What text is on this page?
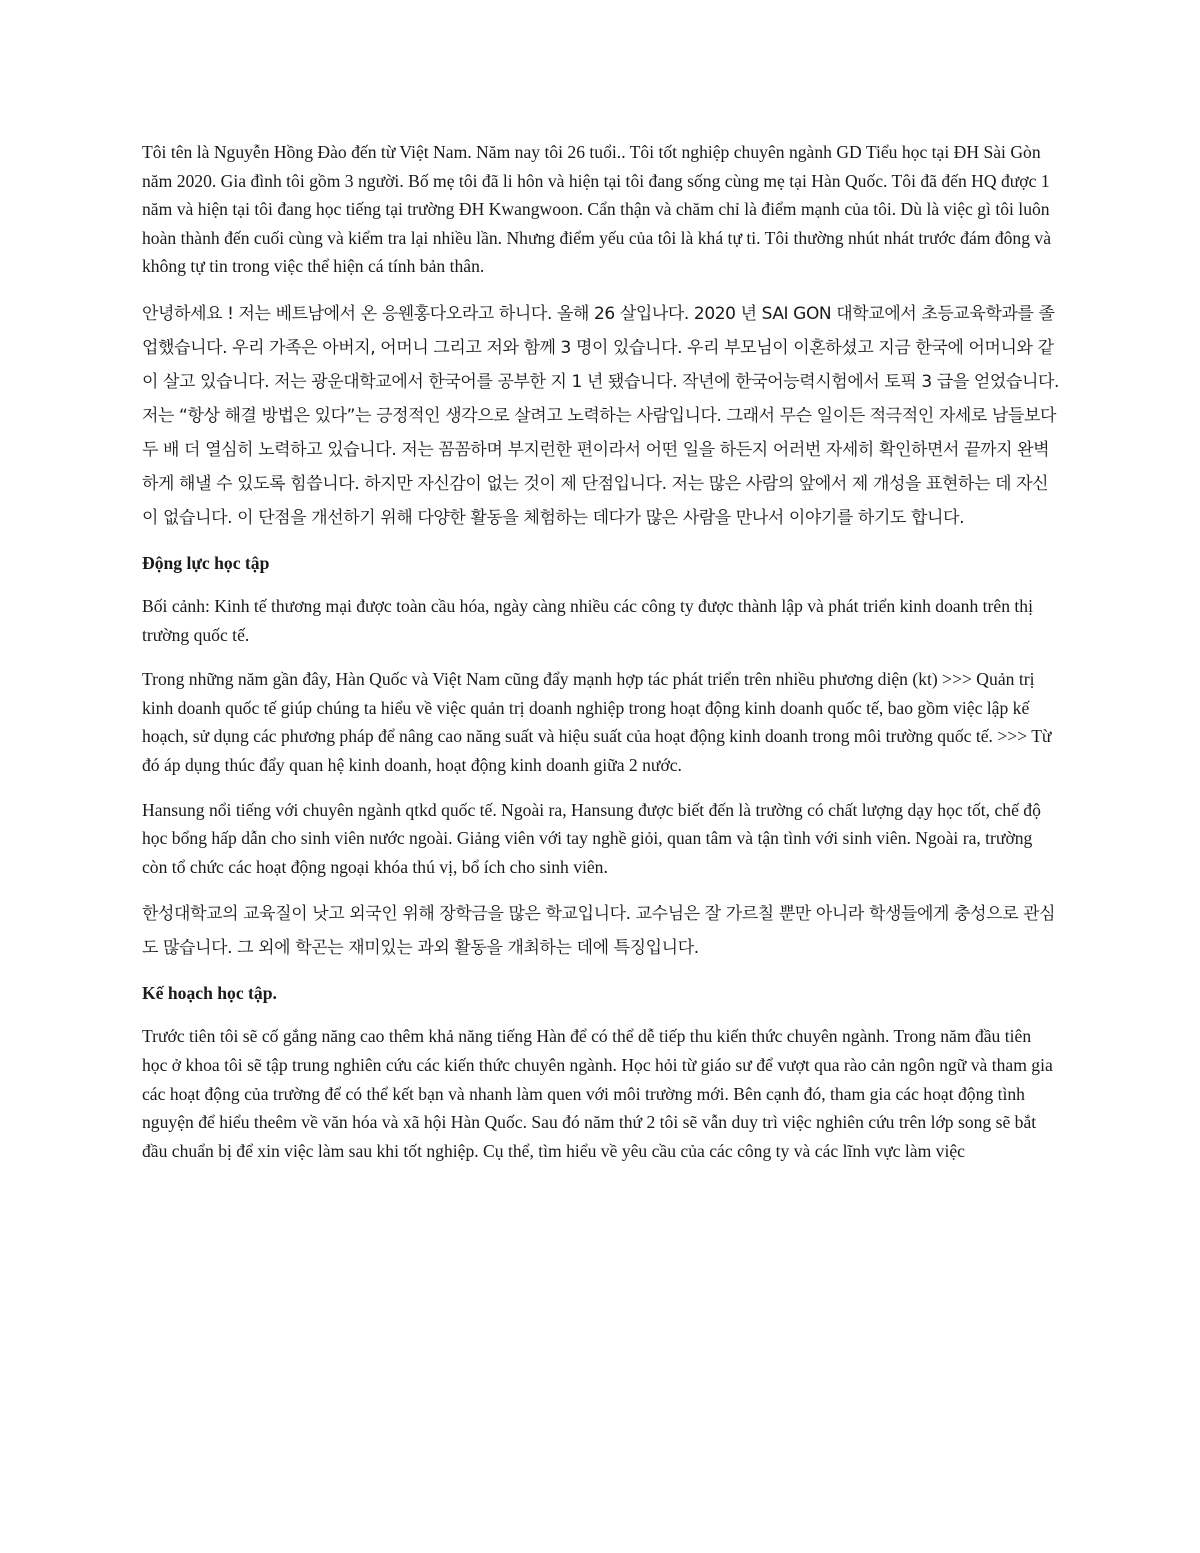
Tôi tên là Nguyễn Hồng Đào đến từ Việt Nam. Năm nay tôi 26 tuổi.. Tôi tốt nghiệp chuyên ngành GD Tiểu học tại ĐH Sài Gòn năm 2020. Gia đình tôi gồm 3 người. Bố mẹ tôi đã li hôn và hiện tại tôi đang sống cùng mẹ tại Hàn Quốc. Tôi đã đến HQ được 1 năm và hiện tại tôi đang học tiếng tại trường ĐH Kwangwoon. Cẩn thận và chăm chỉ là điểm mạnh của tôi. Dù là việc gì tôi luôn hoàn thành đến cuối cùng và kiểm tra lại nhiều lần. Nhưng điểm yếu của tôi là khá tự ti. Tôi thường nhút nhát trước đám đông và không tự tin trong việc thể hiện cá tính bản thân.

안녕하세요 ! 저는 베트남에서 온 응웬홍다오라고 하니다. 올해 26 살입나다. 2020 년 SAI GON 대학교에서 초등교육학과를 졸업했습니다. 우리 가족은 아버지, 어머니 그리고 저와 함께 3 명이 있습니다. 우리 부모님이 이혼하셨고 지금 한국에 어머니와 같이 살고 있습니다. 저는 광운대학교에서 한국어를 공부한 지 1 년 됐습니다. 작년에 한국어능력시험에서 토픽 3 급을 얻었습니다. 저는 “항상 해결 방법은 있다”는 긍정적인 생각으로 살려고 노력하는 사람입니다. 그래서 무슨 일이든 적극적인 자세로 남들보다 두 배 더 열심히 노력하고 있습니다. 저는 꼼꼼하며 부지런한 편이라서 어떤 일을 하든지 어러번 자세히 확인하면서 끝까지 완벽하게 해낼 수 있도록 힘씁니다. 하지만 자신감이 없는 것이 제 단점입니다. 저는 많은 사람의 앞에서 제 개성을 표현하는 데 자신이 없습니다. 이 단점을 개선하기 위해 다양한 활동을 체험하는 데다가 많은 사람을 만나서 이야기를 하기도 합니다.

Động lực học tập

Bối cảnh: Kinh tế thương mại được toàn cầu hóa, ngày càng nhiều các công ty được thành lập và phát triển kinh doanh trên thị trường quốc tế.

Trong những năm gần đây, Hàn Quốc và Việt Nam cũng đẩy mạnh hợp tác phát triển trên nhiều phương diện (kt) >>> Quản trị kinh doanh quốc tế giúp chúng ta hiểu về việc quản trị doanh nghiệp trong hoạt động kinh doanh quốc tế, bao gồm việc lập kế hoạch, sử dụng các phương pháp để nâng cao năng suất và hiệu suất của hoạt động kinh doanh trong môi trường quốc tế. >>> Từ đó áp dụng thúc đẩy quan hệ kinh doanh, hoạt động kinh doanh giữa 2 nước.

Hansung nổi tiếng với chuyên ngành qtkd quốc tế. Ngoài ra, Hansung được biết đến là trường có chất lượng dạy học tốt, chế độ học bổng hấp dẫn cho sinh viên nước ngoài. Giảng viên với tay nghề giỏi, quan tâm và tận tình với sinh viên. Ngoài ra, trường còn tổ chức các hoạt động ngoại khóa thú vị, bổ ích cho sinh viên.

한성대학교의 교육질이 낫고 외국인 위해 장학금을 많은 학교입니다. 교수님은 잘 가르칠 뿐만 아니라 학생들에게 충성으로 관심도 많습니다. 그 외에 학곤는 재미있는 과외 활동을 개최하는 데에 특징입니다.

Kế hoạch học tập.

Trước tiên tôi sẽ cố gắng năng cao thêm khả năng tiếng Hàn để có thể dễ tiếp thu kiến thức chuyên ngành. Trong năm đầu tiên học ở khoa tôi sẽ tập trung nghiên cứu các kiến thức chuyên ngành. Học hỏi từ giáo sư để vượt qua rào cản ngôn ngữ và tham gia các hoạt động của trường để có thể kết bạn và nhanh làm quen với môi trường mới. Bên cạnh đó, tham gia các hoạt động tình nguyện để hiểu theêm về văn hóa và xã hội Hàn Quốc. Sau đó năm thứ 2 tôi sẽ vẫn duy trì việc nghiên cứu trên lớp song sẽ bắt đầu chuẩn bị để xin việc làm sau khi tốt nghiệp. Cụ thể, tìm hiểu về yêu cầu của các công ty và các lĩnh vực làm việc
